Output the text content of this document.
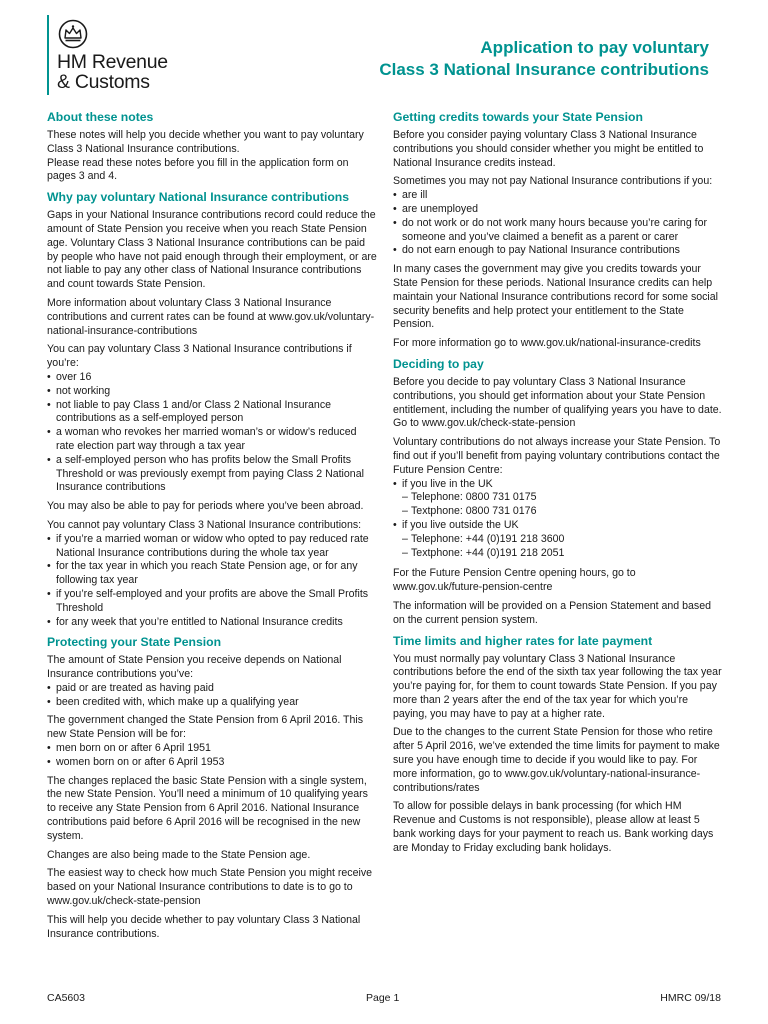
HM Revenue
& Customs
Application to pay voluntary
Class 3 National Insurance contributions
About these notes

These notes will help you decide whether you want to pay voluntary Class 3 National Insurance contributions.

Please read these notes before you fill in the application form on pages 3 and 4.

Why pay voluntary National Insurance contributions

Gaps in your National Insurance contributions record could reduce the amount of State Pension you receive when you reach State Pension age. Voluntary Class 3 National Insurance contributions can be paid by people who have not paid enough through their employment, or are not liable to pay any other class of National Insurance contributions and count towards State Pension.

More information about voluntary Class 3 National Insurance contributions and current rates can be found at www.gov.uk/voluntary-national-insurance-contributions

You can pay voluntary Class 3 National Insurance contributions if you’re:

• over 16
• not working
• not liable to pay Class 1 and/or Class 2 National Insurance contributions as a self-employed person
• a woman who revokes her married woman’s or widow’s reduced rate election part way through a tax year
• a self-employed person who has profits below the Small Profits Threshold or was previously exempt from paying Class 2 National Insurance contributions

You may also be able to pay for periods where you’ve been abroad.

You cannot pay voluntary Class 3 National Insurance contributions:

• if you’re a married woman or widow who opted to pay reduced rate National Insurance contributions during the whole tax year
• for the tax year in which you reach State Pension age, or for any following tax year
• if you’re self-employed and your profits are above the Small Profits Threshold
• for any week that you’re entitled to National Insurance credits
Protecting your State Pension

The amount of State Pension you receive depends on National Insurance contributions you’ve:

• paid or are treated as having paid
• been credited with, which make up a qualifying year

The government changed the State Pension from 6 April 2016. This new State Pension will be for:

• men born on or after 6 April 1951
• women born on or after 6 April 1953

The changes replaced the basic State Pension with a single system, the new State Pension. You’ll need a minimum of 10 qualifying years to receive any State Pension from 6 April 2016. National Insurance contributions paid before 6 April 2016 will be recognised in the new system.

Changes are also being made to the State Pension age.

The easiest way to check how much State Pension you might receive based on your National Insurance contributions to date is to go to www.gov.uk/check-state-pension

This will help you decide whether to pay voluntary Class 3 National Insurance contributions.

Getting credits towards your State Pension

Before you consider paying voluntary Class 3 National Insurance contributions you should consider whether you might be entitled to National Insurance credits instead.

Sometimes you may not pay National Insurance contributions if you:

• are ill
• are unemployed
• do not work or do not work many hours because you’re caring for someone and you’ve claimed a benefit as a parent or carer
• do not earn enough to pay National Insurance contributions

In many cases the government may give you credits towards your State Pension for these periods. National Insurance credits can help maintain your National Insurance contributions record for some social security benefits and help protect your entitlement to the State Pension.

For more information go to www.gov.uk/national-insurance-credits

Deciding to pay

Before you decide to pay voluntary Class 3 National Insurance contributions, you should get information about your State Pension entitlement, including the number of qualifying years you have to date. Go to www.gov.uk/check-state-pension

Voluntary contributions do not always increase your State Pension. To find out if you’ll benefit from paying voluntary contributions contact the Future Pension Centre:

• if you live in the UK
– Telephone: 0800 731 0175
– Textphone: 0800 731 0176
• if you live outside the UK
– Telephone: +44 (0)191 218 3600
– Textphone: +44 (0)191 218 2051

For the Future Pension Centre opening hours, go to www.gov.uk/future-pension-centre

The information will be provided on a Pension Statement and based on the current pension system.

Time limits and higher rates for late payment

You must normally pay voluntary Class 3 National Insurance contributions before the end of the sixth tax year following the tax year you’re paying for, for them to count towards State Pension. If you pay more than 2 years after the end of the tax year for which you’re paying, you may have to pay at a higher rate.

Due to the changes to the current State Pension for those who retire after 5 April 2016, we’ve extended the time limits for payment to make sure you have enough time to decide if you would like to pay. For more information, go to www.gov.uk/voluntary-national-insurance-contributions/rates

To allow for possible delays in bank processing (for which HM Revenue and Customs is not responsible), please allow at least 5 bank working days for your payment to reach us. Bank working days are Monday to Friday excluding bank holidays.

CA5603	Page 1	HMRC 09/18
